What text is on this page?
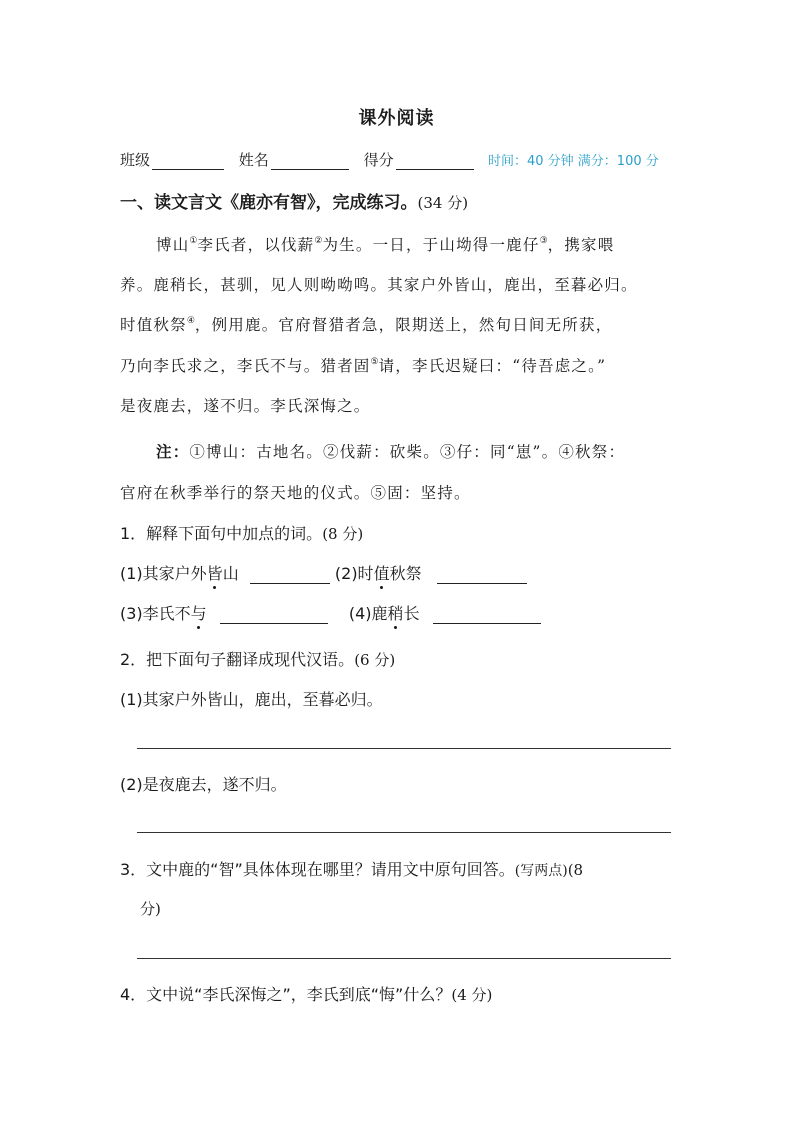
课外阅读
班级	姓名	得分	时间：40 分钟 满分：100 分
一、读文言文《鹿亦有智》，完成练习。(34 分)
博山①李氏者，以伐薪②为生。一日，于山坳得一鹿仔③，携家喂
养。鹿稍长，甚驯，见人则呦呦鸣。其家户外皆山，鹿出，至暮必归。
时值秋祭④，例用鹿。官府督猎者急，限期送上，然旬日间无所获，
乃向李氏求之，李氏不与。猎者固⑤请，李氏迟疑曰：“待吾虑之。”
是夜鹿去，遂不归。李氏深悔之。
注：①博山：古地名。②伐薪：砍柴。③仔：同“崽”。④秋祭：
官府在秋季举行的祭天地的仪式。⑤固：坚持。
1．解释下面句中加点的词。(8 分)
(1)其家户外皆山	(2)时值秋祭
(3)李氏不与	(4)鹿稍长
2．把下面句子翻译成现代汉语。(6 分)
(1)其家户外皆山，鹿出，至暮必归。
(2)是夜鹿去，遂不归。
3．文中鹿的“智”具体体现在哪里？请用文中原句回答。(写两点)(8
分)
4．文中说“李氏深悔之”，李氏到底“悔”什么？(4 分)
